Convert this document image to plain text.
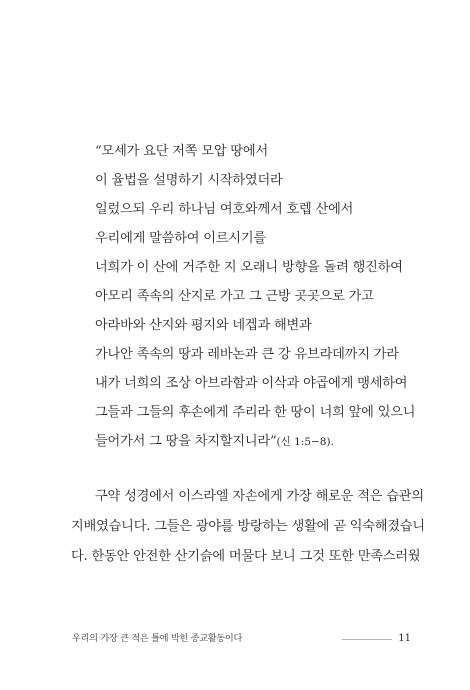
“모세가 요단 저쪽 모압 땅에서
이 율법을 설명하기 시작하였더라
일렀으되 우리 하나님 여호와께서 호렙 산에서
우리에게 말씀하여 이르시기를
너희가 이 산에 거주한 지 오래니 방향을 돌려 행진하여
아모리 족속의 산지로 가고 그 근방 곳곳으로 가고
아라바와 산지와 평지와 네겝과 해변과
가나안 족속의 땅과 레바논과 큰 강 유브라데까지 가라
내가 너희의 조상 아브라함과 이삭과 야곱에게 맹세하여
그들과 그들의 후손에게 주리라 한 땅이 너희 앞에 있으니
들어가서 그 땅을 차지할지니라”(신 1:5−8).
구약 성경에서 이스라엘 자손에게 가장 해로운 적은 습관의
지배였습니다. 그들은 광야를 방랑하는 생활에 곧 익숙해졌습니
다. 한동안 안전한 산기슭에 머물다 보니 그것 또한 만족스러웠
우리의 가장 큰 적은 틀에 박힌 종교활동이다	11
